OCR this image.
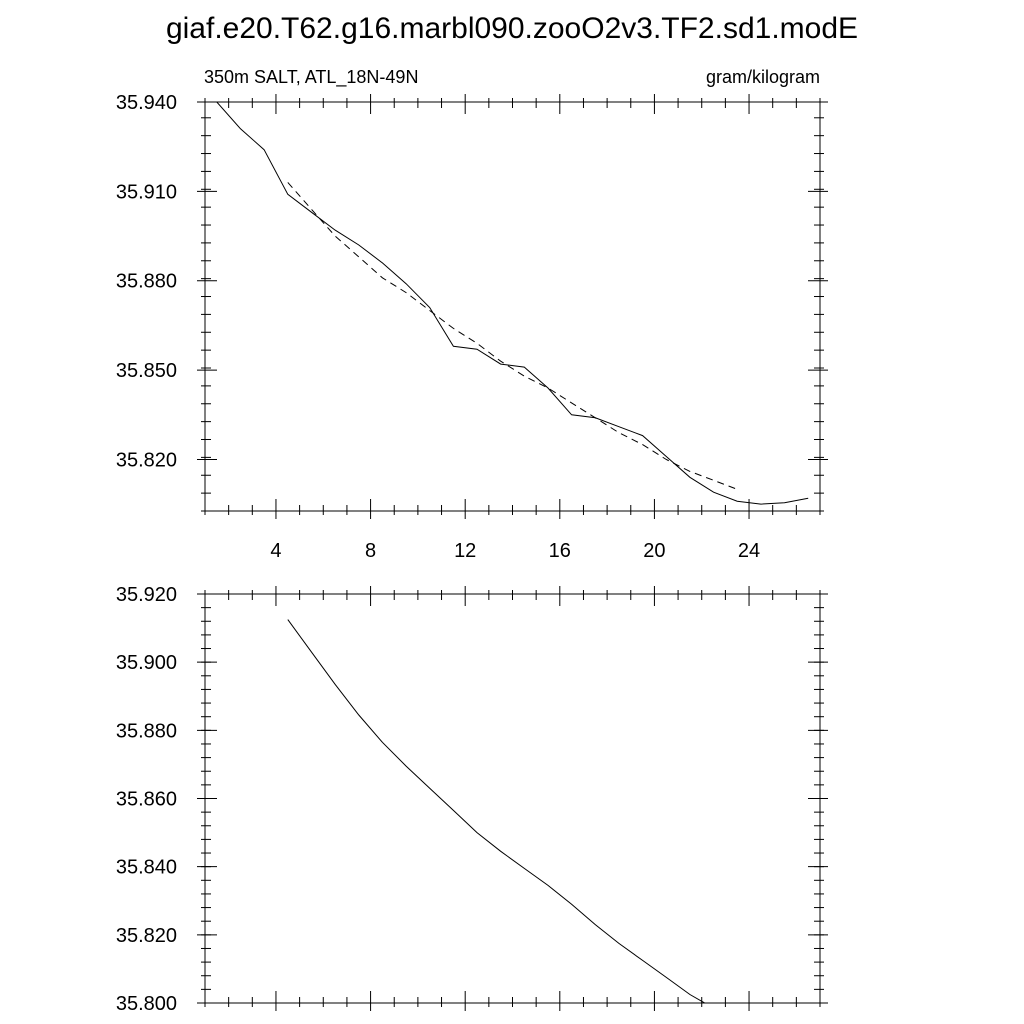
giaf.e20.T62.g16.marbl090.zooO2v3.TF2.sd1.modE
350m SALT, ATL_18N-49N	gram/kilogram
35.940
35.910
35.880
35.850
35.820
4	8	12	16	20	24
35.920
35.900
35.880
35.860
35.840
35.820
35.800
